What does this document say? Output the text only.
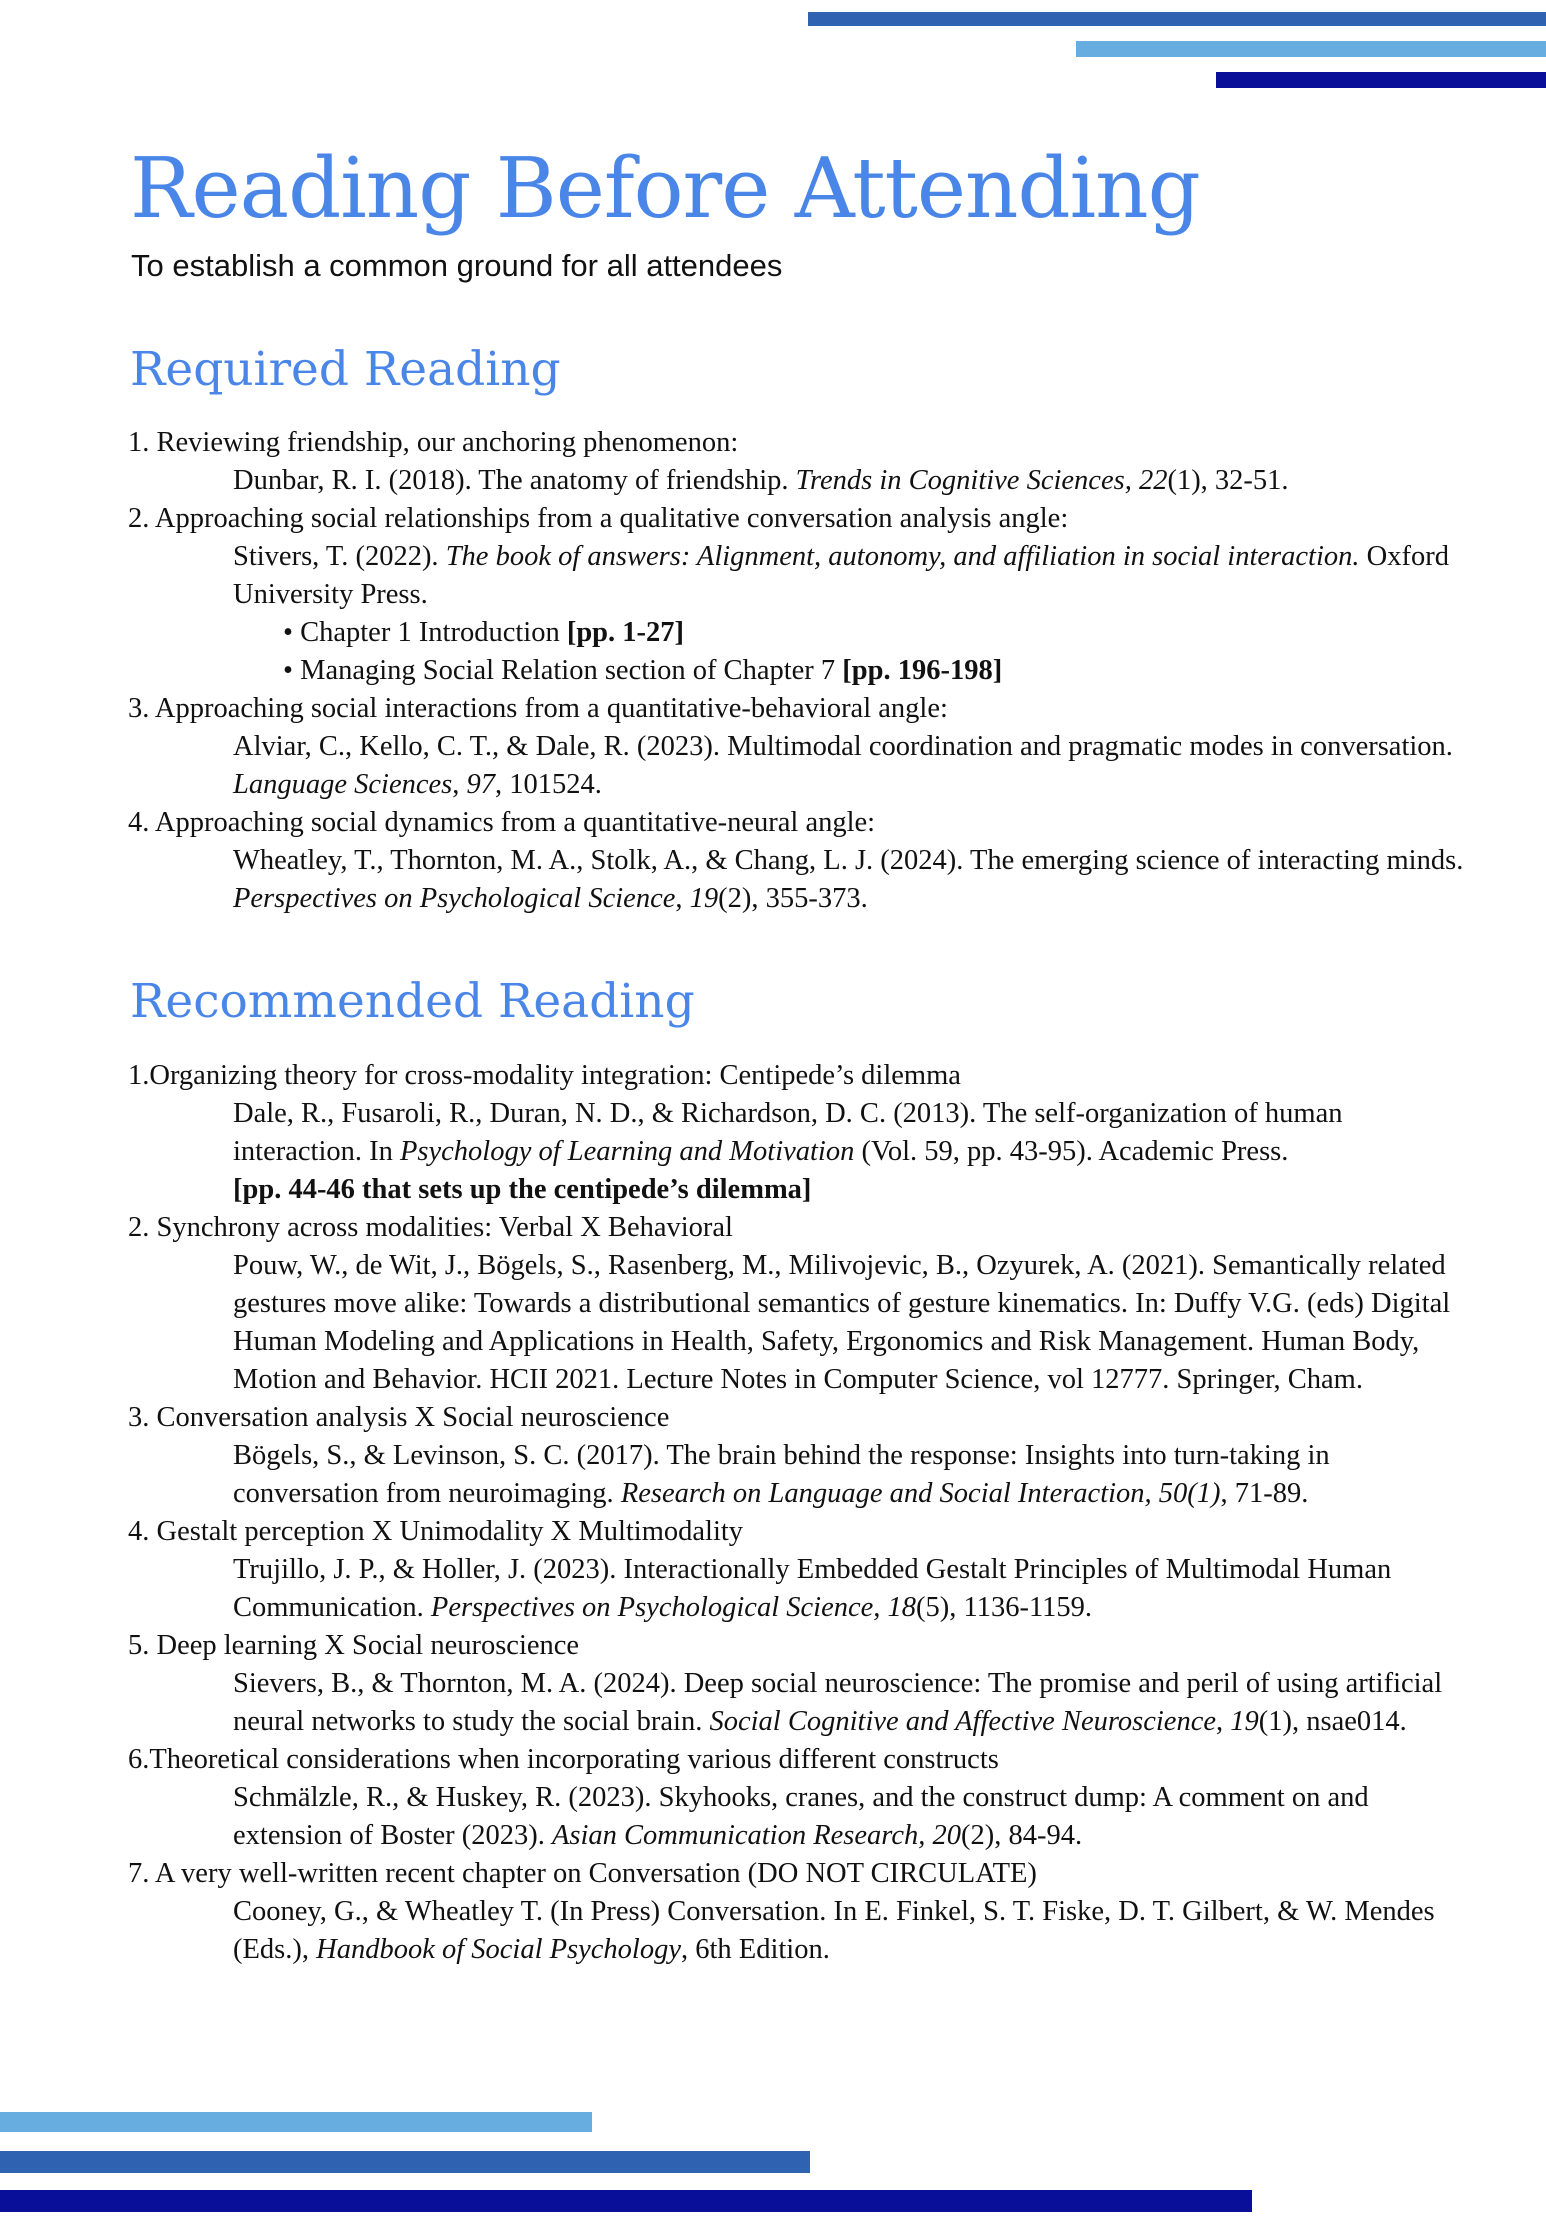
Reading Before Attending

To establish a common ground for all attendees

Required Reading
1. Reviewing friendship, our anchoring phenomenon:
Dunbar, R. I. (2018). The anatomy of friendship. Trends in Cognitive Sciences, 22(1), 32-51.
2. Approaching social relationships from a qualitative conversation analysis angle:
Stivers, T. (2022). The book of answers: Alignment, autonomy, and affiliation in social interaction. Oxford University Press.
• Chapter 1 Introduction [pp. 1-27]
• Managing Social Relation section of Chapter 7 [pp. 196-198]
3. Approaching social interactions from a quantitative-behavioral angle:
Alviar, C., Kello, C. T., & Dale, R. (2023). Multimodal coordination and pragmatic modes in conversation. Language Sciences, 97, 101524.
4. Approaching social dynamics from a quantitative-neural angle:
Wheatley, T., Thornton, M. A., Stolk, A., & Chang, L. J. (2024). The emerging science of interacting minds. Perspectives on Psychological Science, 19(2), 355-373.
Recommended Reading
1.Organizing theory for cross-modality integration: Centipede’s dilemma
Dale, R., Fusaroli, R., Duran, N. D., & Richardson, D. C. (2013). The self-organization of human interaction. In Psychology of Learning and Motivation (Vol. 59, pp. 43-95). Academic Press.
[pp. 44-46 that sets up the centipede’s dilemma]
2. Synchrony across modalities: Verbal X Behavioral
Pouw, W., de Wit, J., Bögels, S., Rasenberg, M., Milivojevic, B., Ozyurek, A. (2021). Semantically related gestures move alike: Towards a distributional semantics of gesture kinematics. In: Duffy V.G. (eds) Digital Human Modeling and Applications in Health, Safety, Ergonomics and Risk Management. Human Body, Motion and Behavior. HCII 2021. Lecture Notes in Computer Science, vol 12777. Springer, Cham.
3. Conversation analysis X Social neuroscience
Bögels, S., & Levinson, S. C. (2017). The brain behind the response: Insights into turn-taking in conversation from neuroimaging. Research on Language and Social Interaction, 50(1), 71-89.
4. Gestalt perception X Unimodality X Multimodality
Trujillo, J. P., & Holler, J. (2023). Interactionally Embedded Gestalt Principles of Multimodal Human Communication. Perspectives on Psychological Science, 18(5), 1136-1159.
5. Deep learning X Social neuroscience
Sievers, B., & Thornton, M. A. (2024). Deep social neuroscience: The promise and peril of using artificial neural networks to study the social brain. Social Cognitive and Affective Neuroscience, 19(1), nsae014.
6.Theoretical considerations when incorporating various different constructs
Schmälzle, R., & Huskey, R. (2023). Skyhooks, cranes, and the construct dump: A comment on and extension of Boster (2023). Asian Communication Research, 20(2), 84-94.
7. A very well-written recent chapter on Conversation (DO NOT CIRCULATE)
Cooney, G., & Wheatley T. (In Press) Conversation. In E. Finkel, S. T. Fiske, D. T. Gilbert, & W. Mendes (Eds.), Handbook of Social Psychology, 6th Edition.
